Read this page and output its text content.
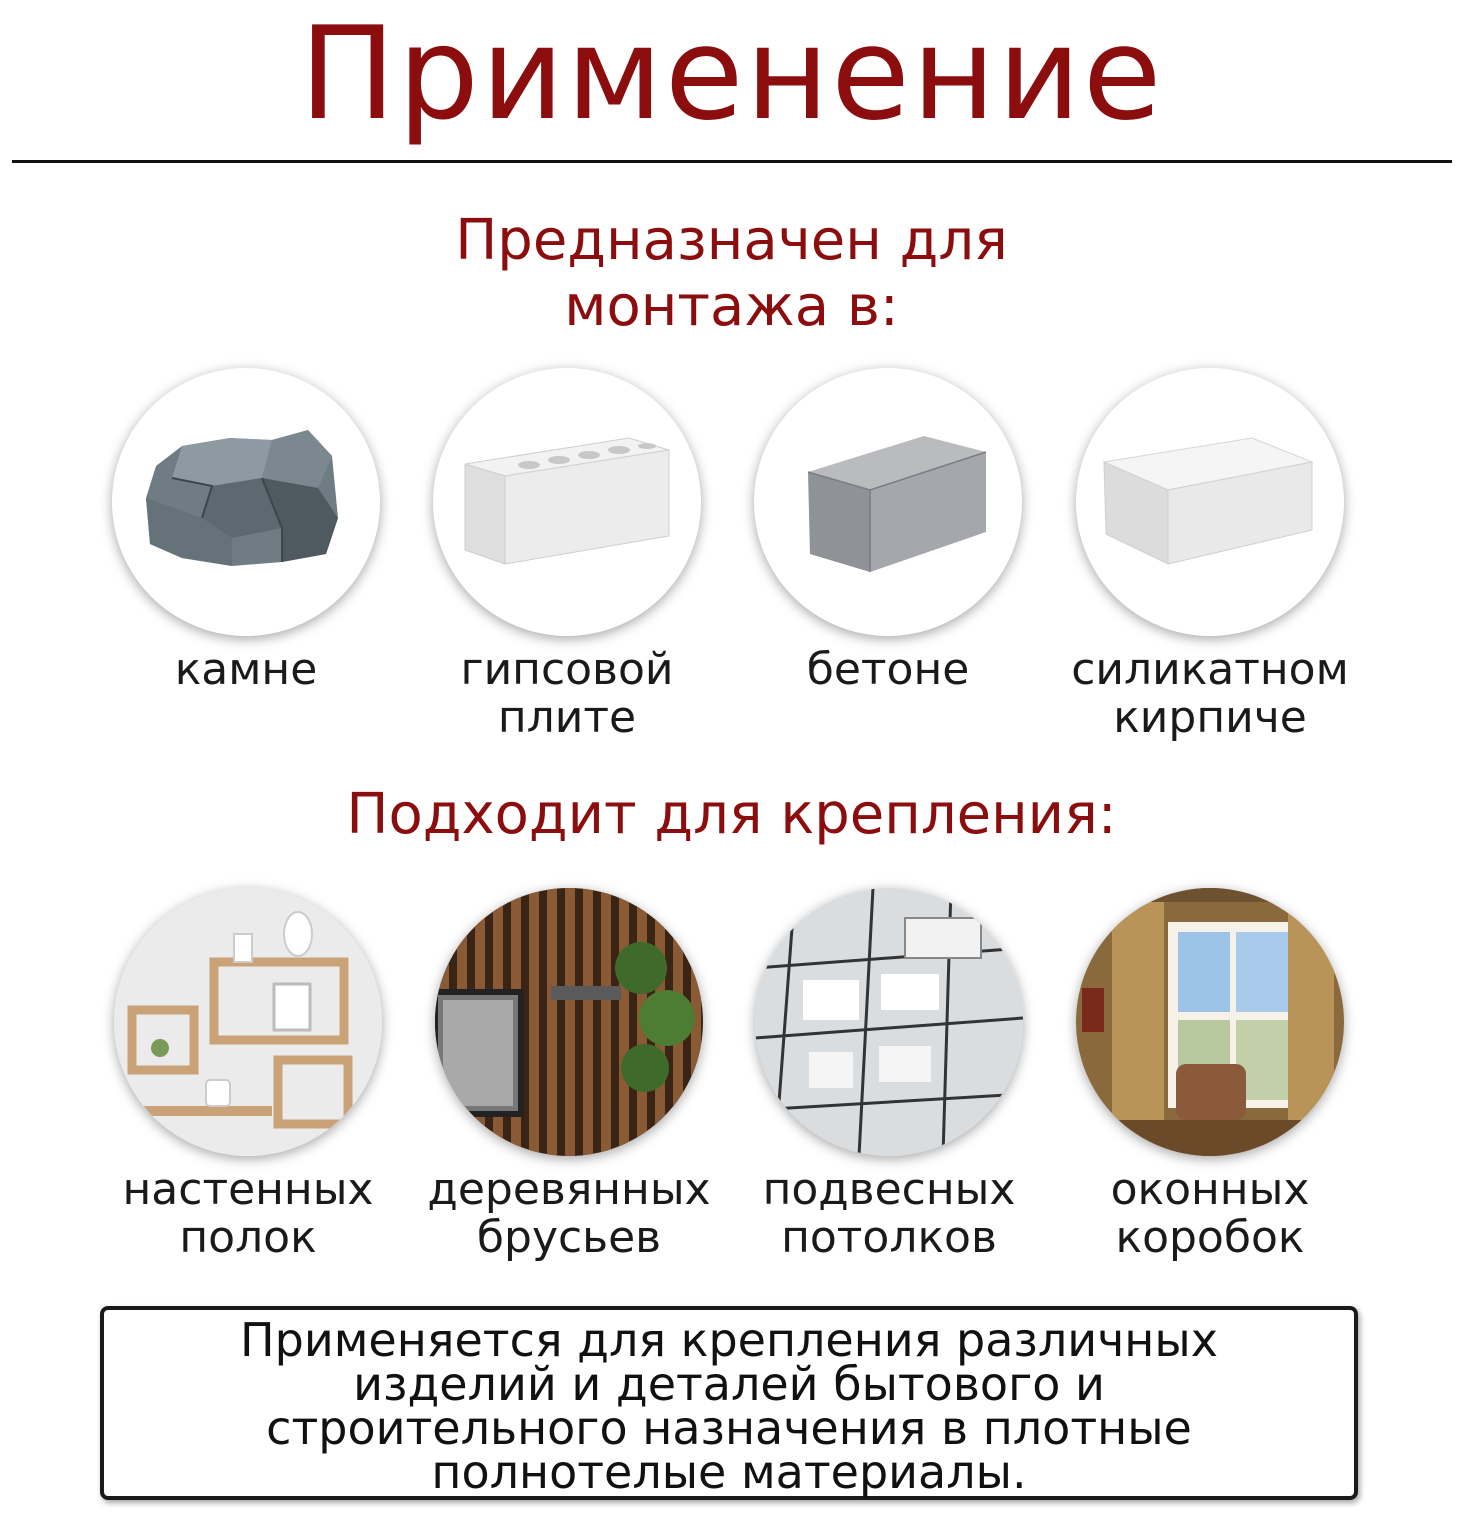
Применение
Предназначен для
монтажа в:
камне	гипсовой
плите
бетоне	силикатном
кирпиче
Подходит для крепления:
настенных
полок
деревянных
брусьев
подвесных
потолков
оконных
коробок
Применяется для крепления различных
изделий и деталей бытового и
строительного назначения в плотные
полнотелые материалы.
